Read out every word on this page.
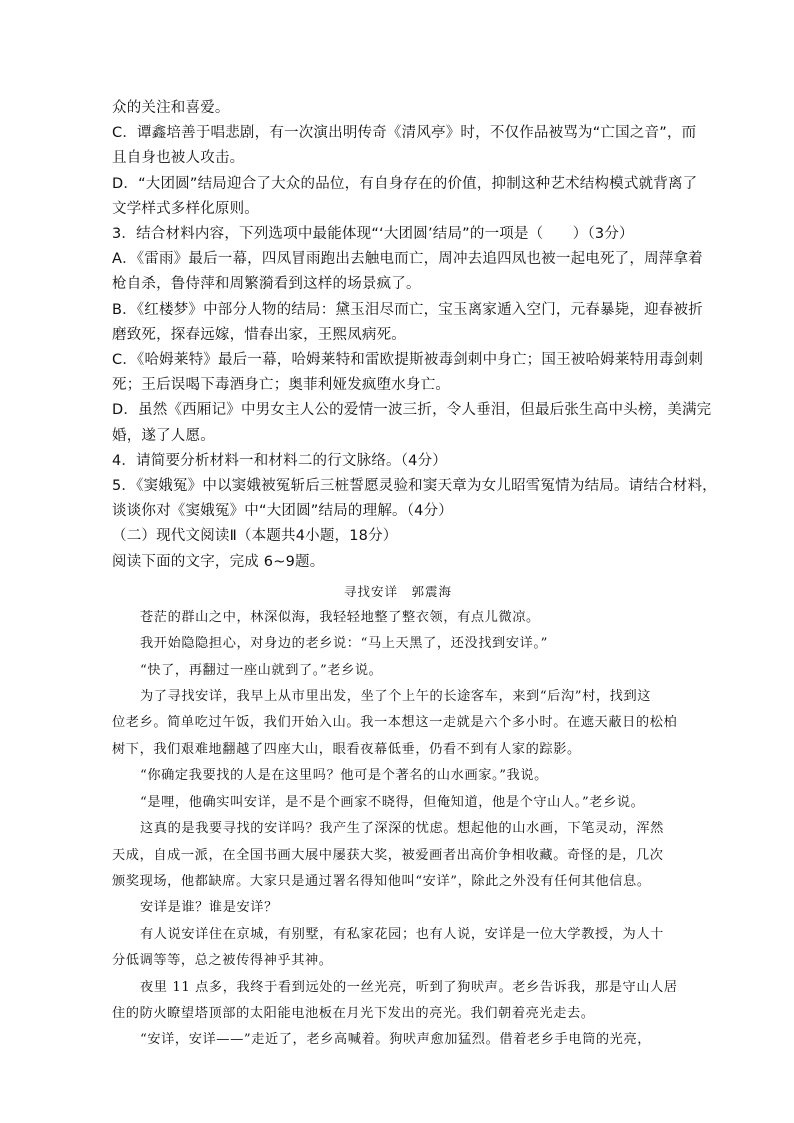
众的关注和喜爱。
C．谭鑫培善于唱悲剧，有一次演出明传奇《清风亭》时，不仅作品被骂为“亡国之音”，而
且自身也被人攻击。
D．“大团圆”结局迎合了大众的品位，有自身存在的价值，抑制这种艺术结构模式就背离了
文学样式多样化原则。
3．结合材料内容，下列选项中最能体现“‘大团圆’结局”的一项是（　　）（3分）
A．《雷雨》最后一幕，四凤冒雨跑出去触电而亡，周冲去追四凤也被一起电死了，周萍拿着
枪自杀，鲁侍萍和周繁漪看到这样的场景疯了。
B．《红楼梦》中部分人物的结局：黛玉泪尽而亡，宝玉离家遁入空门，元春暴毙，迎春被折
磨致死，探春远嫁，惜春出家，王熙凤病死。
C．《哈姆莱特》最后一幕，哈姆莱特和雷欧提斯被毒剑刺中身亡；国王被哈姆莱特用毒剑刺
死；王后误喝下毒酒身亡；奥菲利娅发疯堕水身亡。
D．虽然《西厢记》中男女主人公的爱情一波三折，令人垂泪，但最后张生高中头榜，美满完
婚，遂了人愿。
4．请简要分析材料一和材料二的行文脉络。（4分）
5．《窦娥冤》中以窦娥被冤斩后三桩誓愿灵验和窦天章为女儿昭雪冤情为结局。请结合材料，
谈谈你对《窦娥冤》中“大团圆”结局的理解。（4分）
（二）现代文阅读Ⅱ（本题共4小题，18分）
阅读下面的文字，完成 6~9题。
寻找安详　郭震海
苍茫的群山之中，林深似海，我轻轻地整了整衣领，有点儿微凉。
我开始隐隐担心，对身边的老乡说：“马上天黑了，还没找到安详。”
“快了，再翻过一座山就到了。”老乡说。
为了寻找安详，我早上从市里出发，坐了个上午的长途客车，来到“后沟”村，找到这
位老乡。简单吃过午饭，我们开始入山。我一本想这一走就是六个多小时。在遮天蔽日的松柏
树下，我们艰难地翻越了四座大山，眼看夜幕低垂，仍看不到有人家的踪影。
“你确定我要找的人是在这里吗？他可是个著名的山水画家。”我说。
“是哩，他确实叫安详，是不是个画家不晓得，但俺知道，他是个守山人。”老乡说。
这真的是我要寻找的安详吗？我产生了深深的忧虑。想起他的山水画，下笔灵动，浑然
天成，自成一派，在全国书画大展中屡获大奖，被爱画者出高价争相收藏。奇怪的是，几次
颁奖现场，他都缺席。大家只是通过署名得知他叫“安详”，除此之外没有任何其他信息。
安详是谁？谁是安详？
有人说安详住在京城，有别墅，有私家花园；也有人说，安详是一位大学教授，为人十
分低调等等，总之被传得神乎其神。
夜里 11 点多，我终于看到远处的一丝光亮，听到了狗吠声。老乡告诉我，那是守山人居
住的防火瞭望塔顶部的太阳能电池板在月光下发出的亮光。我们朝着亮光走去。
“安详，安详——”走近了，老乡高喊着。狗吠声愈加猛烈。借着老乡手电筒的光亮，
